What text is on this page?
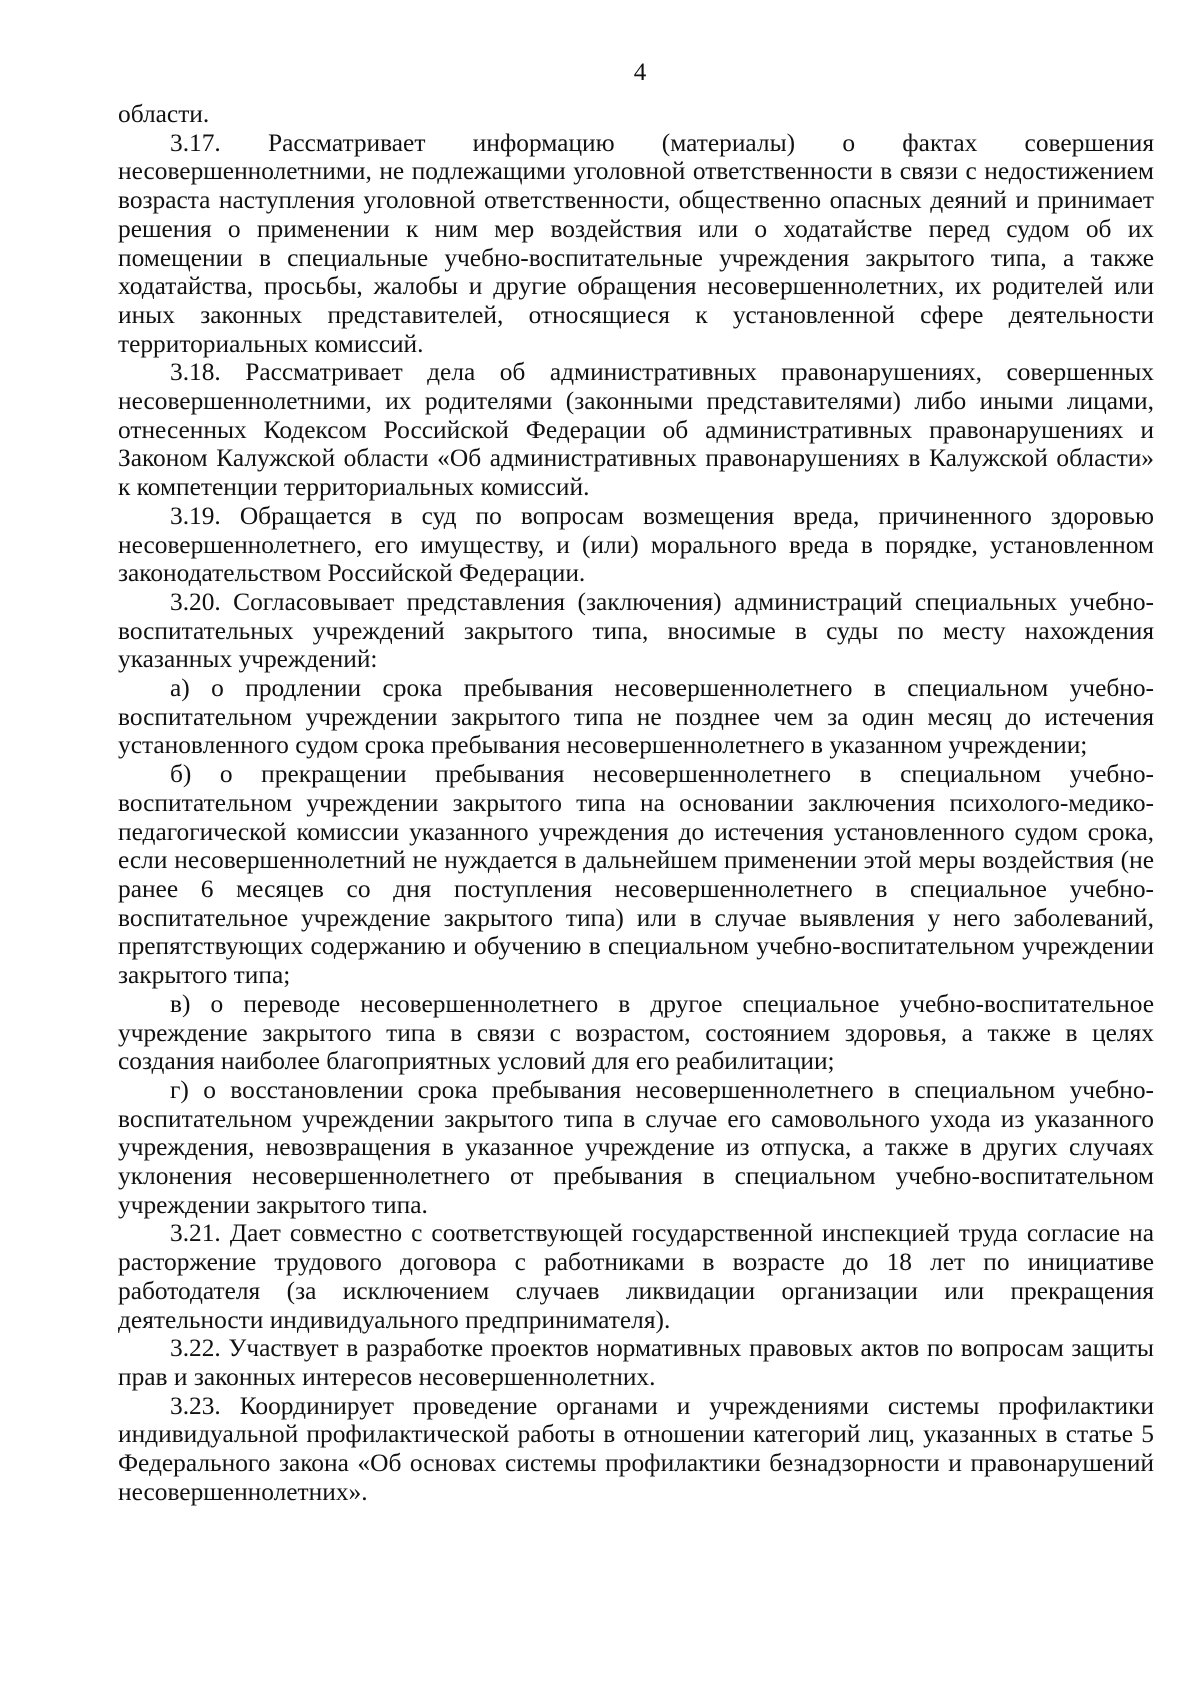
4

области.

3.17. Рассматривает информацию (материалы) о фактах совершения несовершеннолетними, не подлежащими уголовной ответственности в связи с недостижением возраста наступления уголовной ответственности, общественно опасных деяний и принимает решения о применении к ним мер воздействия или о ходатайстве перед судом об их помещении в специальные учебно-воспитательные учреждения закрытого типа, а также ходатайства, просьбы, жалобы и другие обращения несовершеннолетних, их родителей или иных законных представителей, относящиеся к установленной сфере деятельности территориальных комиссий.

3.18. Рассматривает дела об административных правонарушениях, совершенных несовершеннолетними, их родителями (законными представителями) либо иными лицами, отнесенных Кодексом Российской Федерации об административных правонарушениях и Законом Калужской области «Об административных правонарушениях в Калужской области» к компетенции территориальных комиссий.

3.19. Обращается в суд по вопросам возмещения вреда, причиненного здоровью несовершеннолетнего, его имуществу, и (или) морального вреда в порядке, установленном законодательством Российской Федерации.

3.20. Согласовывает представления (заключения) администраций специальных учебно-воспитательных учреждений закрытого типа, вносимые в суды по месту нахождения указанных учреждений:

а) о продлении срока пребывания несовершеннолетнего в специальном учебно-воспитательном учреждении закрытого типа не позднее чем за один месяц до истечения установленного судом срока пребывания несовершеннолетнего в указанном учреждении;

б) о прекращении пребывания несовершеннолетнего в специальном учебно-воспитательном учреждении закрытого типа на основании заключения психолого-медико-педагогической комиссии указанного учреждения до истечения установленного судом срока, если несовершеннолетний не нуждается в дальнейшем применении этой меры воздействия (не ранее 6 месяцев со дня поступления несовершеннолетнего в специальное учебно-воспитательное учреждение закрытого типа) или в случае выявления у него заболеваний, препятствующих содержанию и обучению в специальном учебно-воспитательном учреждении закрытого типа;

в) о переводе несовершеннолетнего в другое специальное учебно-воспитательное учреждение закрытого типа в связи с возрастом, состоянием здоровья, а также в целях создания наиболее благоприятных условий для его реабилитации;

г) о восстановлении срока пребывания несовершеннолетнего в специальном учебно-воспитательном учреждении закрытого типа в случае его самовольного ухода из указанного учреждения, невозвращения в указанное учреждение из отпуска, а также в других случаях уклонения несовершеннолетнего от пребывания в специальном учебно-воспитательном учреждении закрытого типа.

3.21. Дает совместно с соответствующей государственной инспекцией труда согласие на расторжение трудового договора с работниками в возрасте до 18 лет по инициативе работодателя (за исключением случаев ликвидации организации или прекращения деятельности индивидуального предпринимателя).

3.22. Участвует в разработке проектов нормативных правовых актов по вопросам защиты прав и законных интересов несовершеннолетних.

3.23. Координирует проведение органами и учреждениями системы профилактики индивидуальной профилактической работы в отношении категорий лиц, указанных в статье 5 Федерального закона «Об основах системы профилактики безнадзорности и правонарушений несовершеннолетних».
